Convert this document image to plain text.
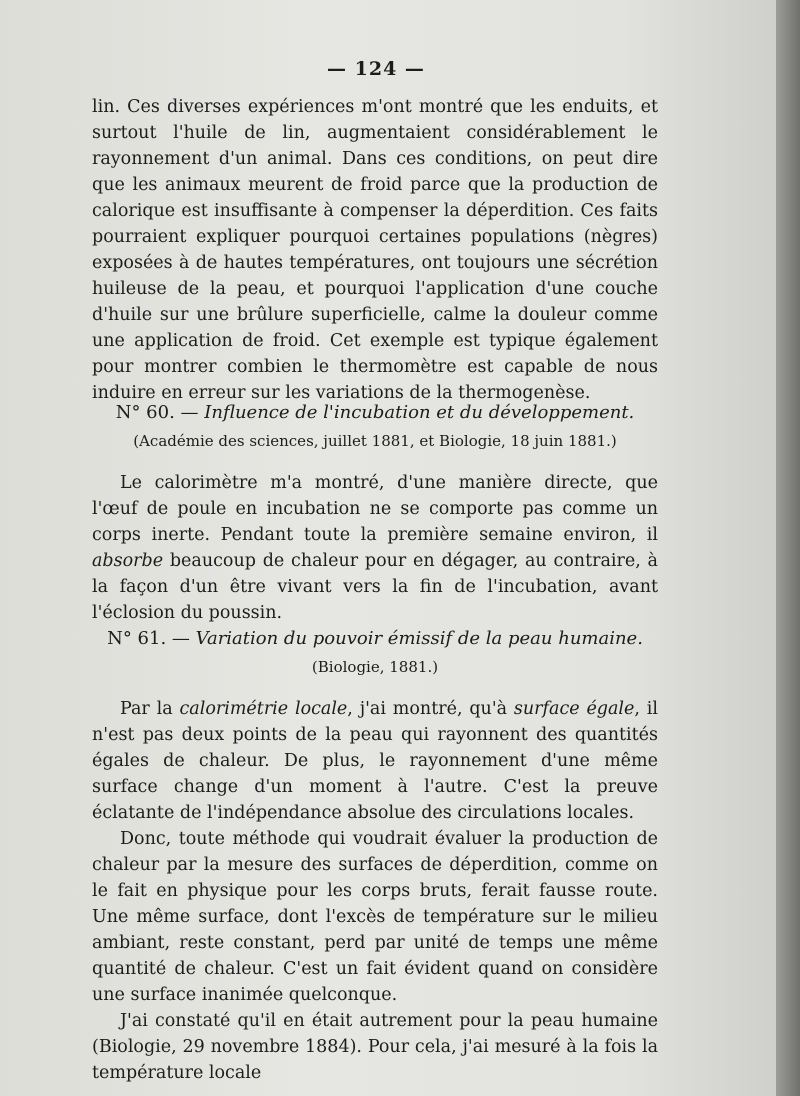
— 124 —

lin. Ces diverses expériences m'ont montré que les enduits, et surtout l'huile de lin, augmentaient considérablement le rayonnement d'un animal. Dans ces conditions, on peut dire que les animaux meurent de froid parce que la production de calorique est insuffisante à compenser la déperdition. Ces faits pourraient expliquer pourquoi certaines populations (nègres) exposées à de hautes températures, ont toujours une sécrétion huileuse de la peau, et pourquoi l'application d'une couche d'huile sur une brûlure superficielle, calme la douleur comme une application de froid. Cet exemple est typique également pour montrer combien le thermomètre est capable de nous induire en erreur sur les variations de la thermogenèse.

N° 60. — Influence de l'incubation et du développement.
(Académie des sciences, juillet 1881, et Biologie, 18 juin 1881.)

Le calorimètre m'a montré, d'une manière directe, que l'œuf de poule en incubation ne se comporte pas comme un corps inerte. Pendant toute la première semaine environ, il absorbe beaucoup de chaleur pour en dégager, au contraire, à la façon d'un être vivant vers la fin de l'incubation, avant l'éclosion du poussin.

N° 61. — Variation du pouvoir émissif de la peau humaine.
(Biologie, 1881.)

Par la calorimétrie locale, j'ai montré, qu'à surface égale, il n'est pas deux points de la peau qui rayonnent des quantités égales de chaleur. De plus, le rayonnement d'une même surface change d'un moment à l'autre. C'est la preuve éclatante de l'indépendance absolue des circulations locales.

Donc, toute méthode qui voudrait évaluer la production de chaleur par la mesure des surfaces de déperdition, comme on le fait en physique pour les corps bruts, ferait fausse route. Une même surface, dont l'excès de température sur le milieu ambiant, reste constant, perd par unité de temps une même quantité de chaleur. C'est un fait évident quand on considère une surface inanimée quelconque.

J'ai constaté qu'il en était autrement pour la peau humaine (Biologie, 29 novembre 1884). Pour cela, j'ai mesuré à la fois la température locale
